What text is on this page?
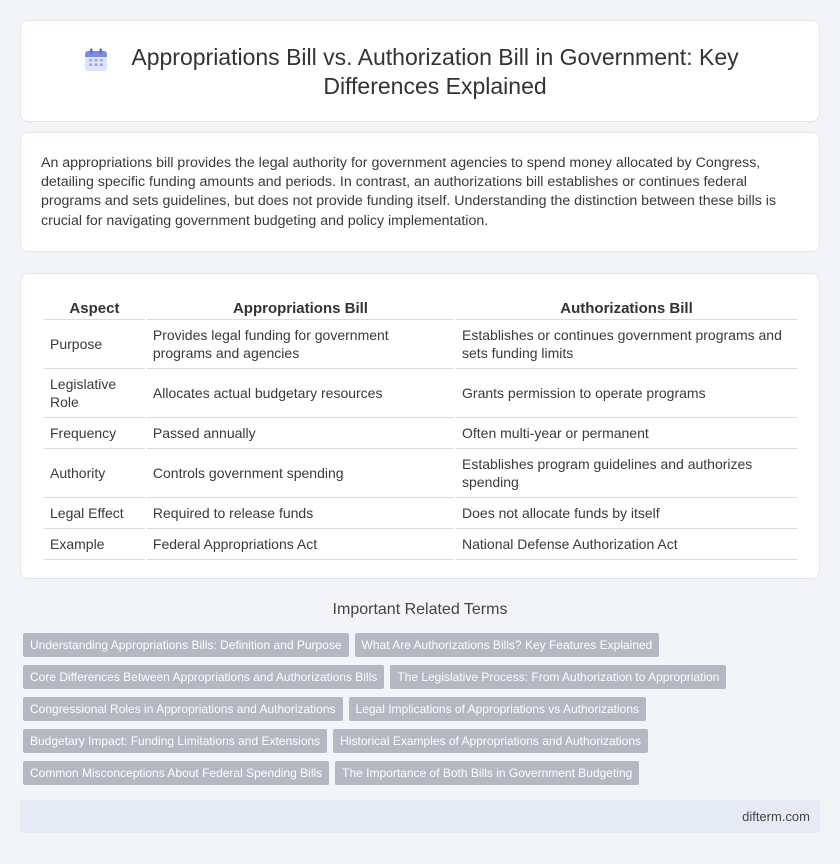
Appropriations Bill vs. Authorization Bill in Government: Key Differences Explained

An appropriations bill provides the legal authority for government agencies to spend money allocated by Congress, detailing specific funding amounts and periods. In contrast, an authorizations bill establishes or continues federal programs and sets guidelines, but does not provide funding itself. Understanding the distinction between these bills is crucial for navigating government budgeting and policy implementation.

Aspect	Appropriations Bill	Authorizations Bill
Purpose	Provides legal funding for government programs and agencies	Establishes or continues government programs and sets funding limits
Legislative Role	Allocates actual budgetary resources	Grants permission to operate programs
Frequency	Passed annually	Often multi-year or permanent
Authority	Controls government spending	Establishes program guidelines and authorizes spending
Legal Effect	Required to release funds	Does not allocate funds by itself
Example	Federal Appropriations Act	National Defense Authorization Act
Important Related Terms
Understanding Appropriations Bills: Definition and Purpose	What Are Authorizations Bills? Key Features Explained
Core Differences Between Appropriations and Authorizations Bills	The Legislative Process: From Authorization to Appropriation
Congressional Roles in Appropriations and Authorizations	Legal Implications of Appropriations vs Authorizations
Budgetary Impact: Funding Limitations and Extensions	Historical Examples of Appropriations and Authorizations
Common Misconceptions About Federal Spending Bills	The Importance of Both Bills in Government Budgeting
difterm.com
